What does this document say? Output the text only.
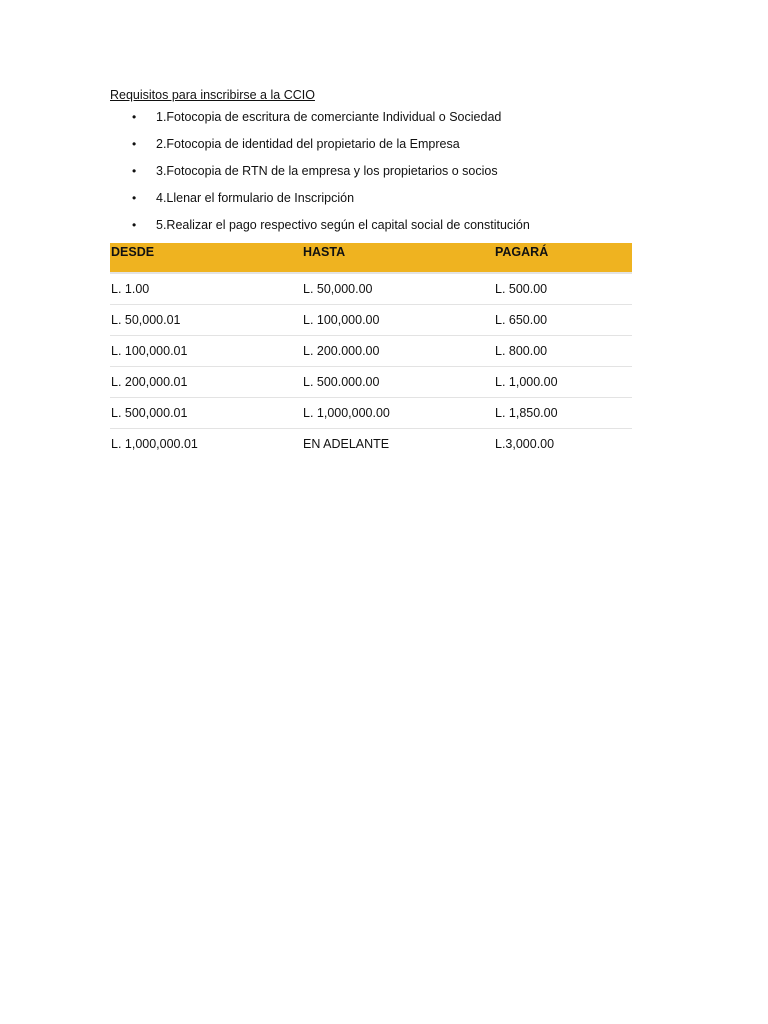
Requisitos para inscribirse a la CCIO

• 1.Fotocopia de escritura de comerciante Individual o Sociedad
• 2.Fotocopia de identidad del propietario de la Empresa
• 3.Fotocopia de RTN de la empresa y los propietarios o socios
• 4.Llenar el formulario de Inscripción
• 5.Realizar el pago respectivo según el capital social de constitución
DESDE	HASTA	PAGARÁ
L. 1.00	L. 50,000.00	L. 500.00
L. 50,000.01	L. 100,000.00	L. 650.00
L. 100,000.01	L. 200.000.00	L. 800.00
L. 200,000.01	L. 500.000.00	L. 1,000.00
L. 500,000.01	L. 1,000,000.00	L. 1,850.00
L. 1,000,000.01	EN ADELANTE	L.3,000.00
